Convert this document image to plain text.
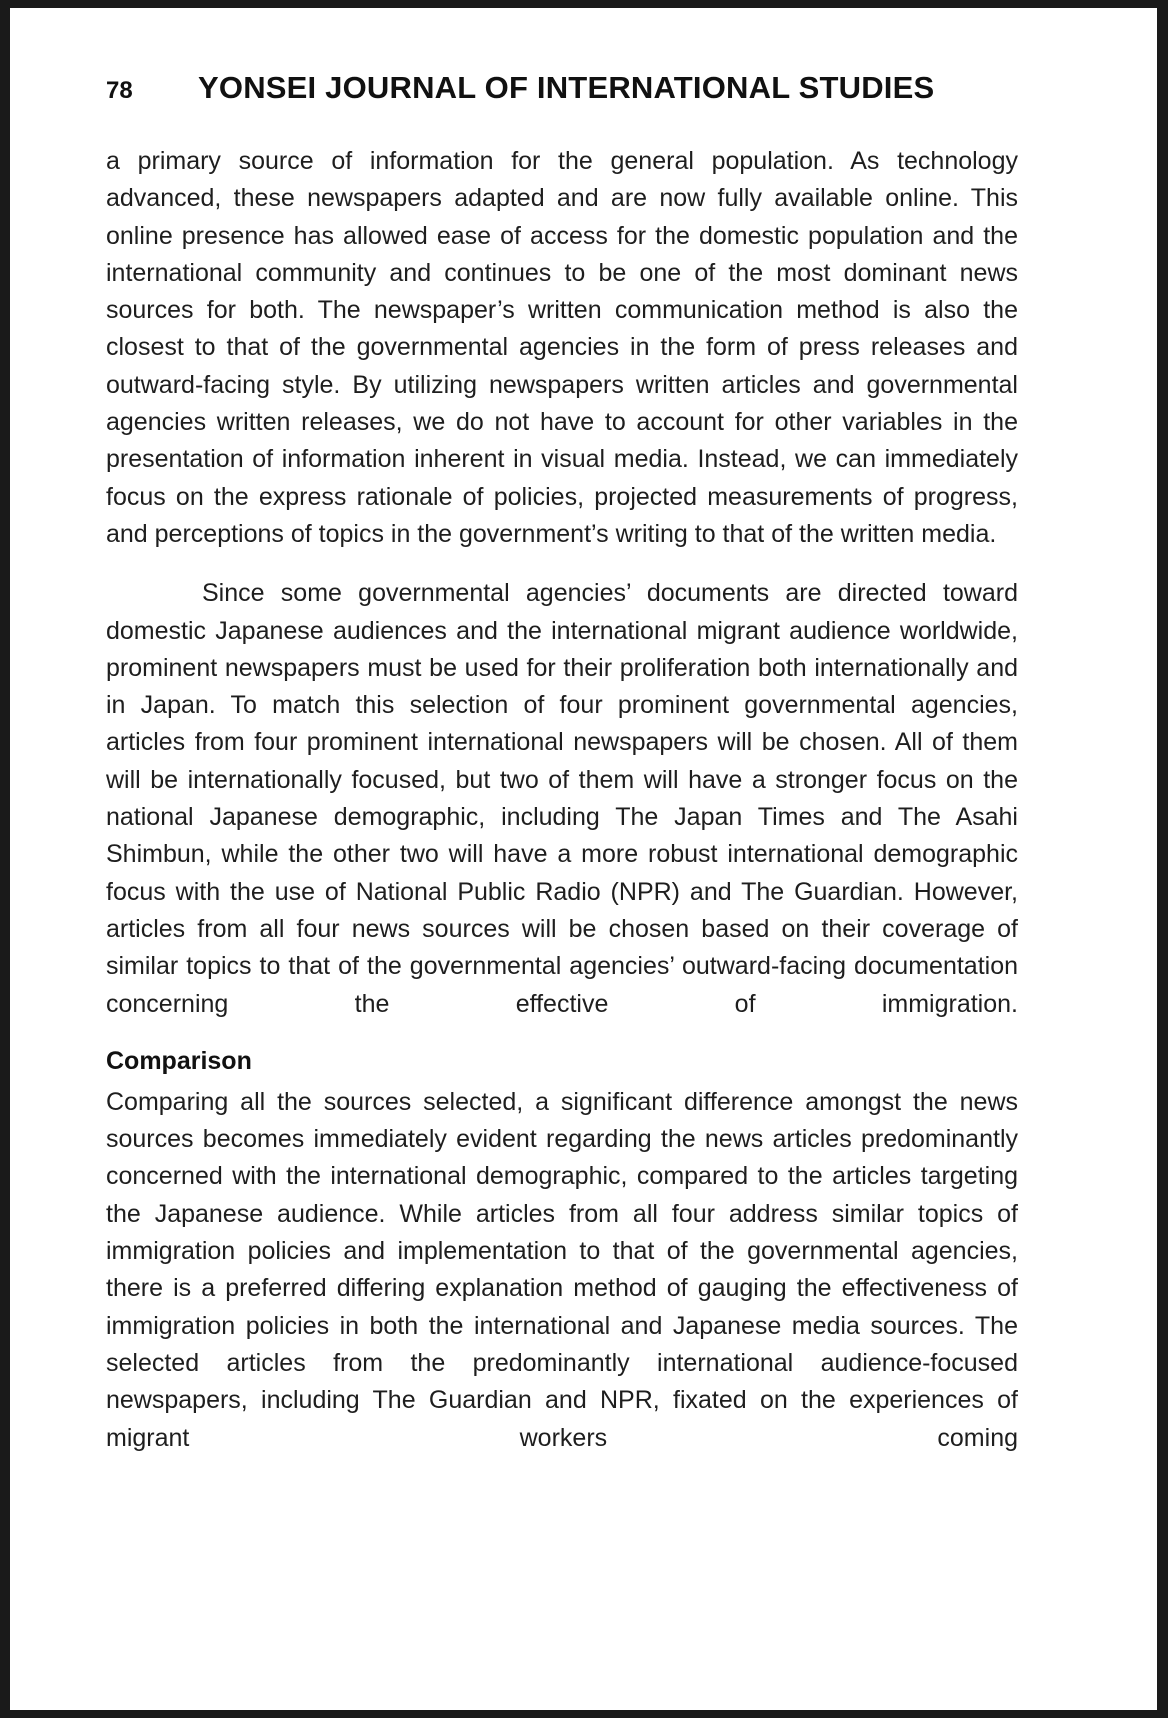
78	YONSEI JOURNAL OF INTERNATIONAL STUDIES

a primary source of information for the general population. As technology advanced, these newspapers adapted and are now fully available online. This online presence has allowed ease of access for the domestic population and the international community and continues to be one of the most dominant news sources for both. The newspaper’s written communication method is also the closest to that of the governmental agencies in the form of press releases and outward-facing style. By utilizing newspapers written articles and governmental agencies written releases, we do not have to account for other variables in the presentation of information inherent in visual media. Instead, we can immediately focus on the express rationale of policies, projected measurements of progress, and perceptions of topics in the government’s writing to that of the written media.

Since some governmental agencies’ documents are directed toward domestic Japanese audiences and the international migrant audience worldwide, prominent newspapers must be used for their proliferation both internationally and in Japan. To match this selection of four prominent governmental agencies, articles from four prominent international newspapers will be chosen. All of them will be internationally focused, but two of them will have a stronger focus on the national Japanese demographic, including The Japan Times and The Asahi Shimbun, while the other two will have a more robust international demographic focus with the use of National Public Radio (NPR) and The Guardian. However, articles from all four news sources will be chosen based on their coverage of similar topics to that of the governmental agencies’ outward-facing documentation concerning the effective of immigration.

Comparison

Comparing all the sources selected, a significant difference amongst the news sources becomes immediately evident regarding the news articles predominantly concerned with the international demographic, compared to the articles targeting the Japanese audience. While articles from all four address similar topics of immigration policies and implementation to that of the governmental agencies, there is a preferred differing explanation method of gauging the effectiveness of immigration policies in both the international and Japanese media sources. The selected articles from the predominantly international audience-focused newspapers, including The Guardian and NPR, fixated on the experiences of migrant workers coming
